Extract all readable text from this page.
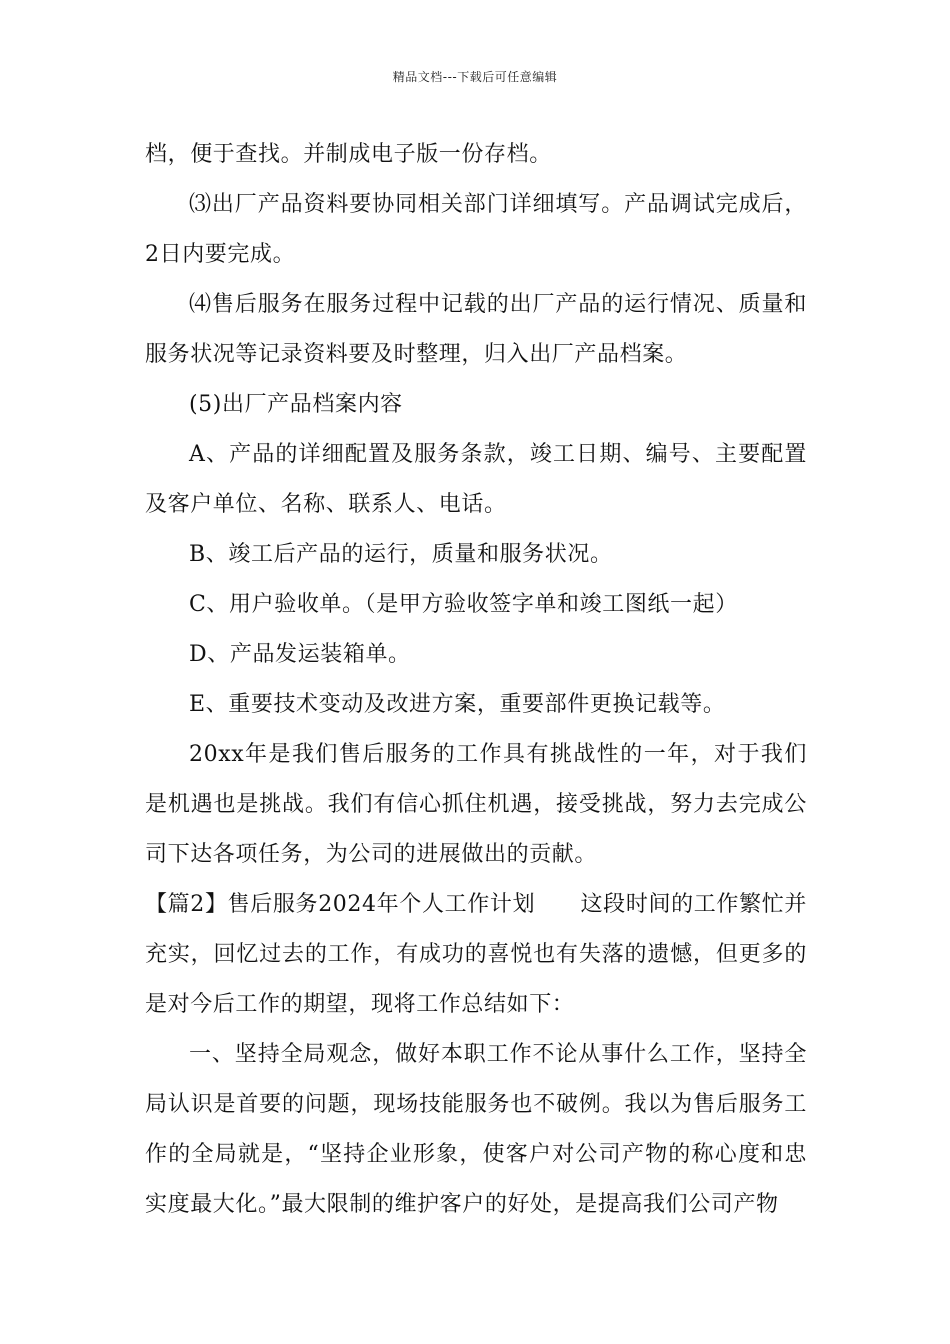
精品文档---下载后可任意编辑

档，便于查找。并制成电子版一份存档。

⑶出厂产品资料要协同相关部门详细填写。产品调试完成后，2日内要完成。

⑷售后服务在服务过程中记载的出厂产品的运行情况、质量和服务状况等记录资料要及时整理，归入出厂产品档案。

(5)出厂产品档案内容

A、产品的详细配置及服务条款，竣工日期、编号、主要配置及客户单位、名称、联系人、电话。

B、竣工后产品的运行，质量和服务状况。

C、用户验收单。（是甲方验收签字单和竣工图纸一起）

D、产品发运装箱单。

E、重要技术变动及改进方案，重要部件更换记载等。

20xx年是我们售后服务的工作具有挑战性的一年，对于我们是机遇也是挑战。我们有信心抓住机遇，接受挑战，努力去完成公司下达各项任务，为公司的进展做出的贡献。

【篇2】售后服务2024年个人工作计划　　这段时间的工作繁忙并充实，回忆过去的工作，有成功的喜悦也有失落的遗憾，但更多的是对今后工作的期望，现将工作总结如下：

一、坚持全局观念，做好本职工作不论从事什么工作，坚持全局认识是首要的问题，现场技能服务也不破例。我以为售后服务工作的全局就是，“坚持企业形象，使客户对公司产物的称心度和忠实度最大化。”最大限制的维护客户的好处，是提高我们公司产物
